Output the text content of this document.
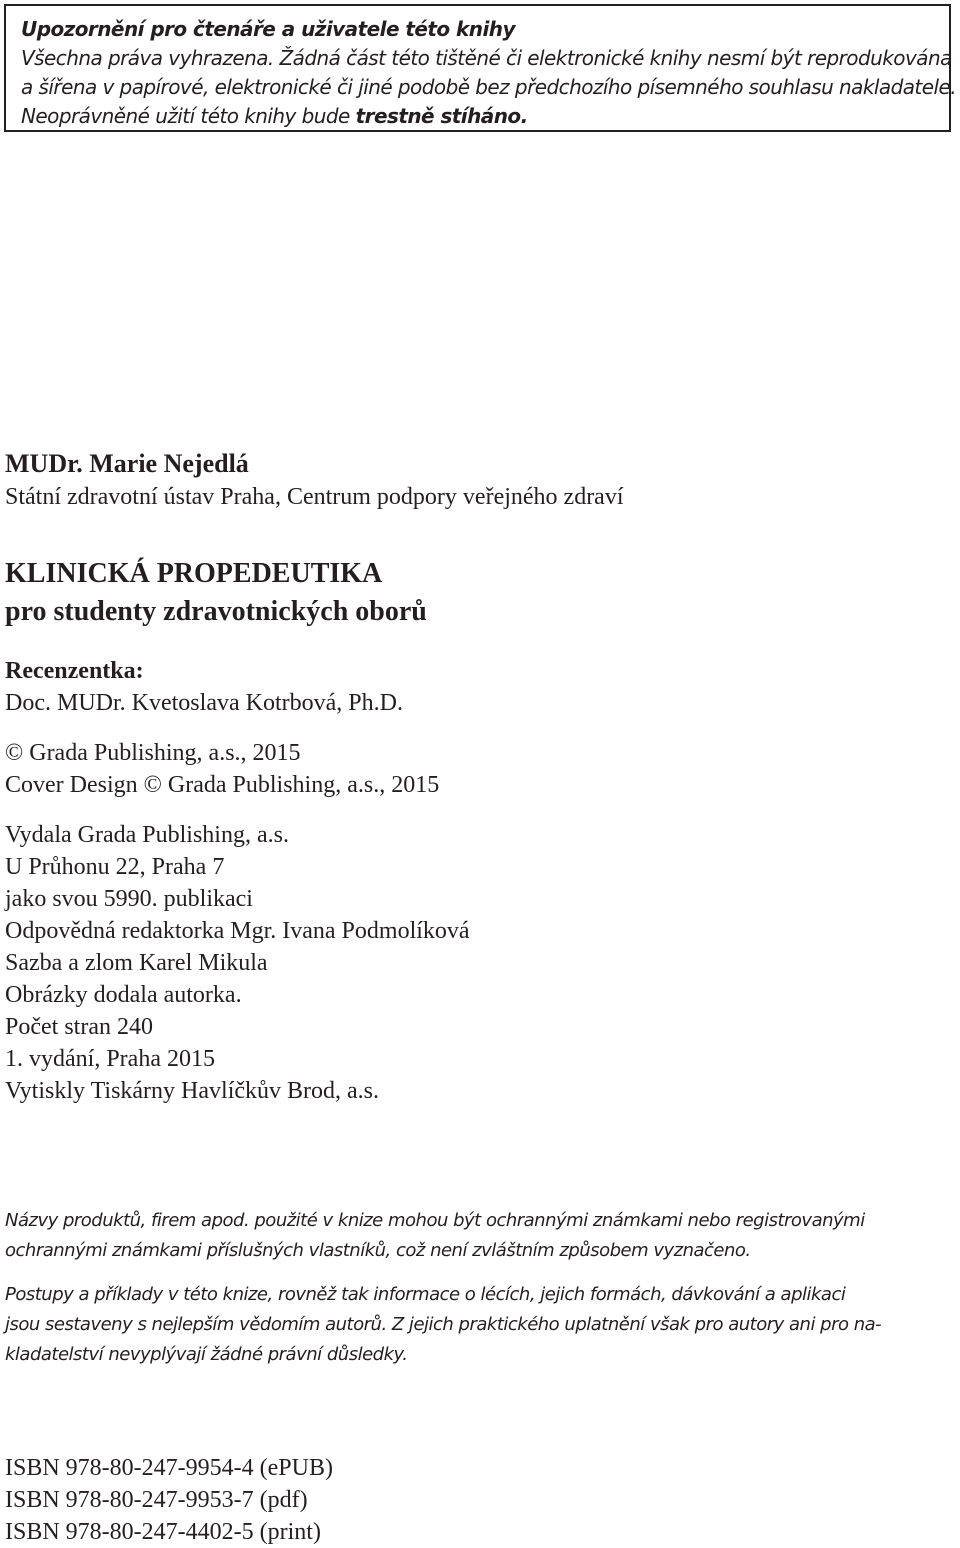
Upozornění pro čtenáře a uživatele této knihy
Všechna práva vyhrazena. Žádná část této tištěné či elektronické knihy nesmí být reprodukována
a šířena v papírové, elektronické či jiné podobě bez předchozího písemného souhlasu nakladatele.
Neoprávněné užití této knihy bude trestně stíháno.
MUDr. Marie Nejedlá
Státní zdravotní ústav Praha, Centrum podpory veřejného zdraví
KLINICKÁ PROPEDEUTIKA
pro studenty zdravotnických oborů
Recenzentka:
Doc. MUDr. Kvetoslava Kotrbová, Ph.D.
© Grada Publishing, a.s., 2015
Cover Design © Grada Publishing, a.s., 2015
Vydala Grada Publishing, a.s.
U Průhonu 22, Praha 7
jako svou 5990. publikaci
Odpovědná redaktorka Mgr. Ivana Podmolíková
Sazba a zlom Karel Mikula
Obrázky dodala autorka.
Počet stran 240
1. vydání, Praha 2015
Vytiskly Tiskárny Havlíčkův Brod, a.s.
Názvy produktů, firem apod. použité v knize mohou být ochrannými známkami nebo registrovanými
ochrannými známkami příslušných vlastníků, což není zvláštním způsobem vyznačeno.
Postupy a příklady v této knize, rovněž tak informace o lécích, jejich formách, dávkování a aplikaci
jsou sestaveny s nejlepším vědomím autorů. Z jejich praktického uplatnění však pro autory ani pro na-
kladatelství nevyplývají žádné právní důsledky.
ISBN 978-80-247-9954-4 (ePUB)
ISBN 978-80-247-9953-7 (pdf)
ISBN 978-80-247-4402-5 (print)
